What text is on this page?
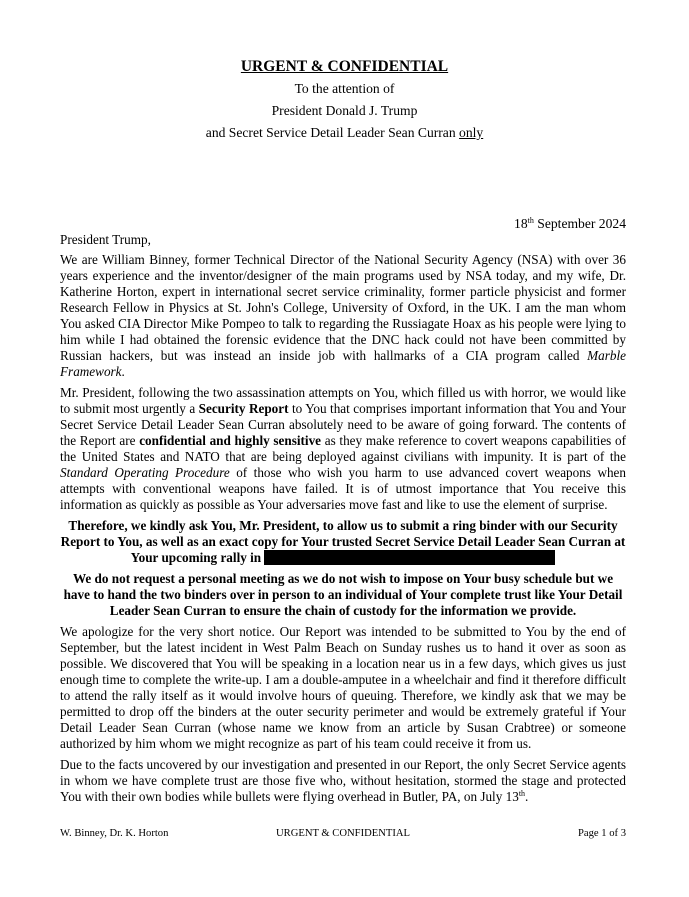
URGENT & CONFIDENTIAL
To the attention of
President Donald J. Trump
and Secret Service Detail Leader Sean Curran only
18th September 2024

President Trump,

We are William Binney, former Technical Director of the National Security Agency (NSA) with over 36 years experience and the inventor/designer of the main programs used by NSA today, and my wife, Dr. Katherine Horton, expert in international secret service criminality, former particle physicist and former Research Fellow in Physics at St. John's College, University of Oxford, in the UK. I am the man whom You asked CIA Director Mike Pompeo to talk to regarding the Russiagate Hoax as his people were lying to him while I had obtained the forensic evidence that the DNC hack could not have been committed by Russian hackers, but was instead an inside job with hallmarks of a CIA program called Marble Framework.

Mr. President, following the two assassination attempts on You, which filled us with horror, we would like to submit most urgently a Security Report to You that comprises important information that You and Your Secret Service Detail Leader Sean Curran absolutely need to be aware of going forward. The contents of the Report are confidential and highly sensitive as they make reference to covert weapons capabilities of the United States and NATO that are being deployed against civilians with impunity. It is part of the Standard Operating Procedure of those who wish you harm to use advanced covert weapons when attempts with conventional weapons have failed. It is of utmost importance that You receive this information as quickly as possible as Your adversaries move fast and like to use the element of surprise.

Therefore, we kindly ask You, Mr. President, to allow us to submit a ring binder with our Security Report to You, as well as an exact copy for Your trusted Secret Service Detail Leader Sean Curran at Your upcoming rally in

We do not request a personal meeting as we do not wish to impose on Your busy schedule but we have to hand the two binders over in person to an individual of Your complete trust like Your Detail Leader Sean Curran to ensure the chain of custody for the information we provide.

We apologize for the very short notice. Our Report was intended to be submitted to You by the end of September, but the latest incident in West Palm Beach on Sunday rushes us to hand it over as soon as possible. We discovered that You will be speaking in a location near us in a few days, which gives us just enough time to complete the write-up. I am a double-amputee in a wheelchair and find it therefore difficult to attend the rally itself as it would involve hours of queuing. Therefore, we kindly ask that we may be permitted to drop off the binders at the outer security perimeter and would be extremely grateful if Your Detail Leader Sean Curran (whose name we know from an article by Susan Crabtree) or someone authorized by him whom we might recognize as part of his team could receive it from us.

Due to the facts uncovered by our investigation and presented in our Report, the only Secret Service agents in whom we have complete trust are those five who, without hesitation, stormed the stage and protected You with their own bodies while bullets were flying overhead in Butler, PA, on July 13th.

W. Binney, Dr. K. Horton	URGENT & CONFIDENTIAL	Page 1 of 3
